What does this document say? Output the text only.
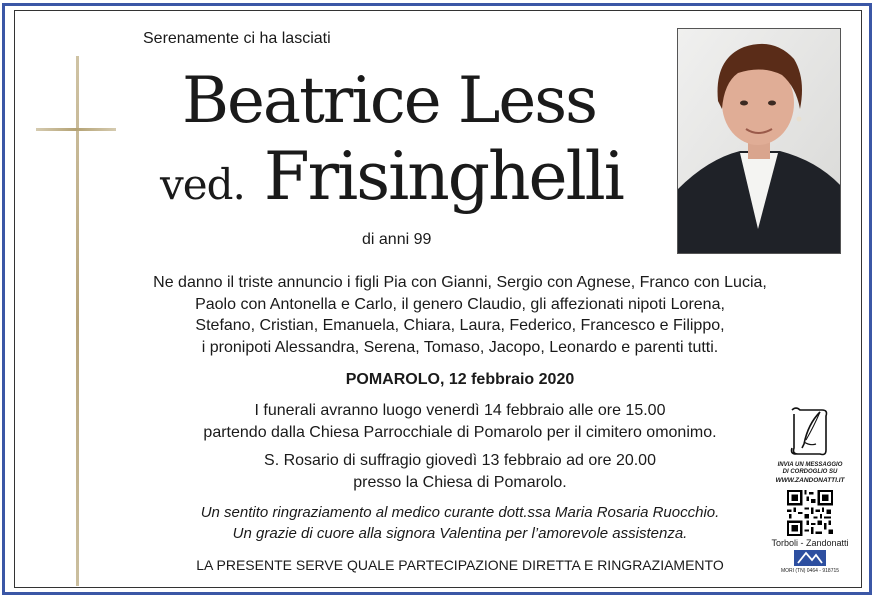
Serenamente ci ha lasciati
Beatrice Less
ved. Frisinghelli
di anni 99
Ne danno il triste annuncio i figli Pia con Gianni, Sergio con Agnese, Franco con Lucia,
Paolo con Antonella e Carlo, il genero Claudio, gli affezionati nipoti Lorena,
Stefano, Cristian, Emanuela, Chiara, Laura, Federico, Francesco e Filippo,
i pronipoti Alessandra, Serena, Tomaso, Jacopo, Leonardo e parenti tutti.
POMAROLO, 12 febbraio 2020
I funerali avranno luogo venerdì 14 febbraio alle ore 15.00
partendo dalla Chiesa Parrocchiale di Pomarolo per il cimitero omonimo.
S. Rosario di suffragio giovedì 13 febbraio ad ore 20.00
presso la Chiesa di Pomarolo.
Un sentito ringraziamento al medico curante dott.ssa Maria Rosaria Ruocchio.
Un grazie di cuore alla signora Valentina per l’amorevole assistenza.
LA PRESENTE SERVE QUALE PARTECIPAZIONE DIRETTA E RINGRAZIAMENTO
INVIA UN MESSAGGIO
DI CORDOGLIO SU
WWW.ZANDONATTI.IT
Torboli - Zandonatti
MORI (TN) 0464 - 918715
